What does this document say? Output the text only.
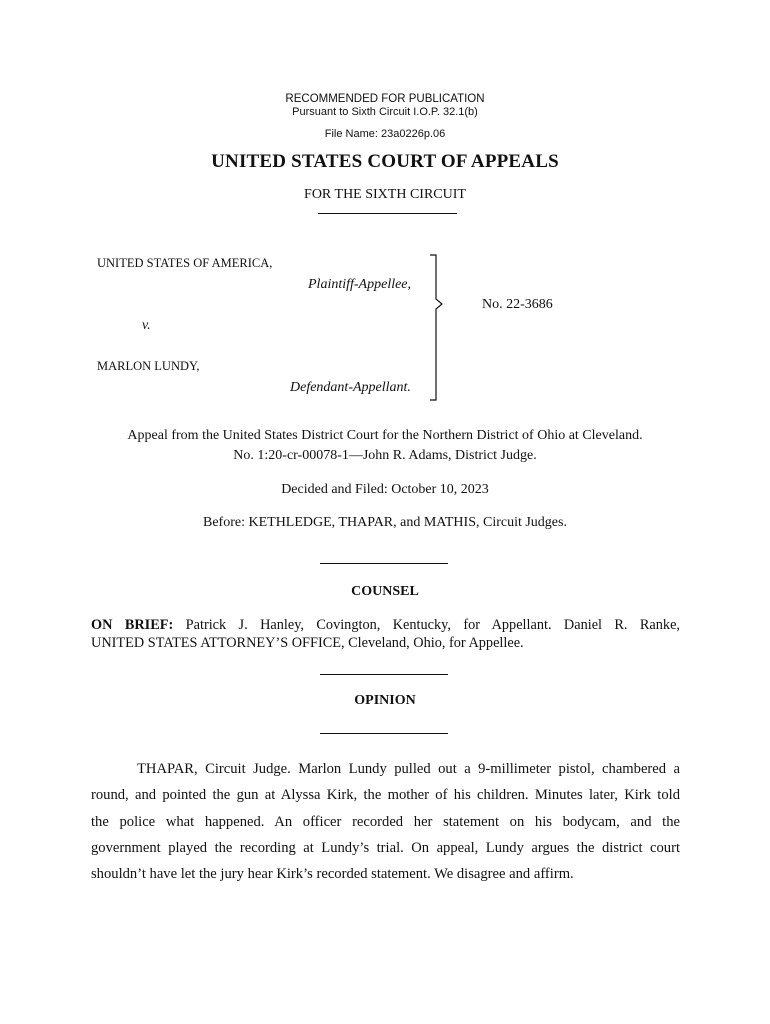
RECOMMENDED FOR PUBLICATION
Pursuant to Sixth Circuit I.O.P. 32.1(b)
File Name: 23a0226p.06
UNITED STATES COURT OF APPEALS
FOR THE SIXTH CIRCUIT
UNITED STATES OF AMERICA,
Plaintiff-Appellee,
v.
MARLON LUNDY,
Defendant-Appellant.
No. 22-3686
Appeal from the United States District Court for the Northern District of Ohio at Cleveland.
No. 1:20-cr-00078-1—John R. Adams, District Judge.
Decided and Filed: October 10, 2023
Before: KETHLEDGE, THAPAR, and MATHIS, Circuit Judges.
COUNSEL
ON BRIEF: Patrick J. Hanley, Covington, Kentucky, for Appellant. Daniel R. Ranke,
UNITED STATES ATTORNEY’S OFFICE, Cleveland, Ohio, for Appellee.
OPINION
THAPAR, Circuit Judge. Marlon Lundy pulled out a 9-millimeter pistol, chambered a
round, and pointed the gun at Alyssa Kirk, the mother of his children. Minutes later, Kirk told
the police what happened. An officer recorded her statement on his bodycam, and the
government played the recording at Lundy’s trial. On appeal, Lundy argues the district court
shouldn’t have let the jury hear Kirk’s recorded statement. We disagree and affirm.
